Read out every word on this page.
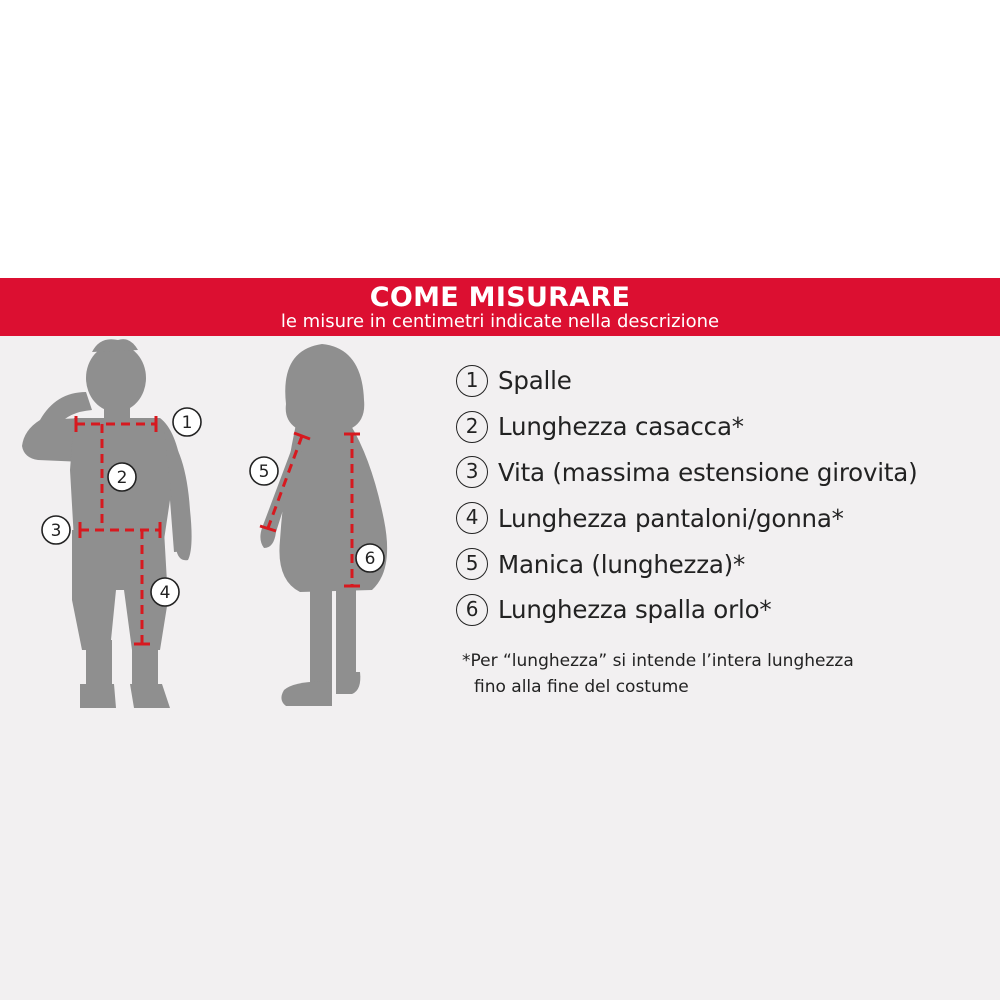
COME MISURARE
le misure in centimetri indicate nella descrizione
1
2
3
4
5
6
1 Spalle
2 Lunghezza casacca*
3 Vita (massima estensione girovita)
4 Lunghezza pantaloni/gonna*
5 Manica (lunghezza)*
6 Lunghezza spalla orlo*
*Per “lunghezza” si intende l’intera lunghezza
fino alla fine del costume
